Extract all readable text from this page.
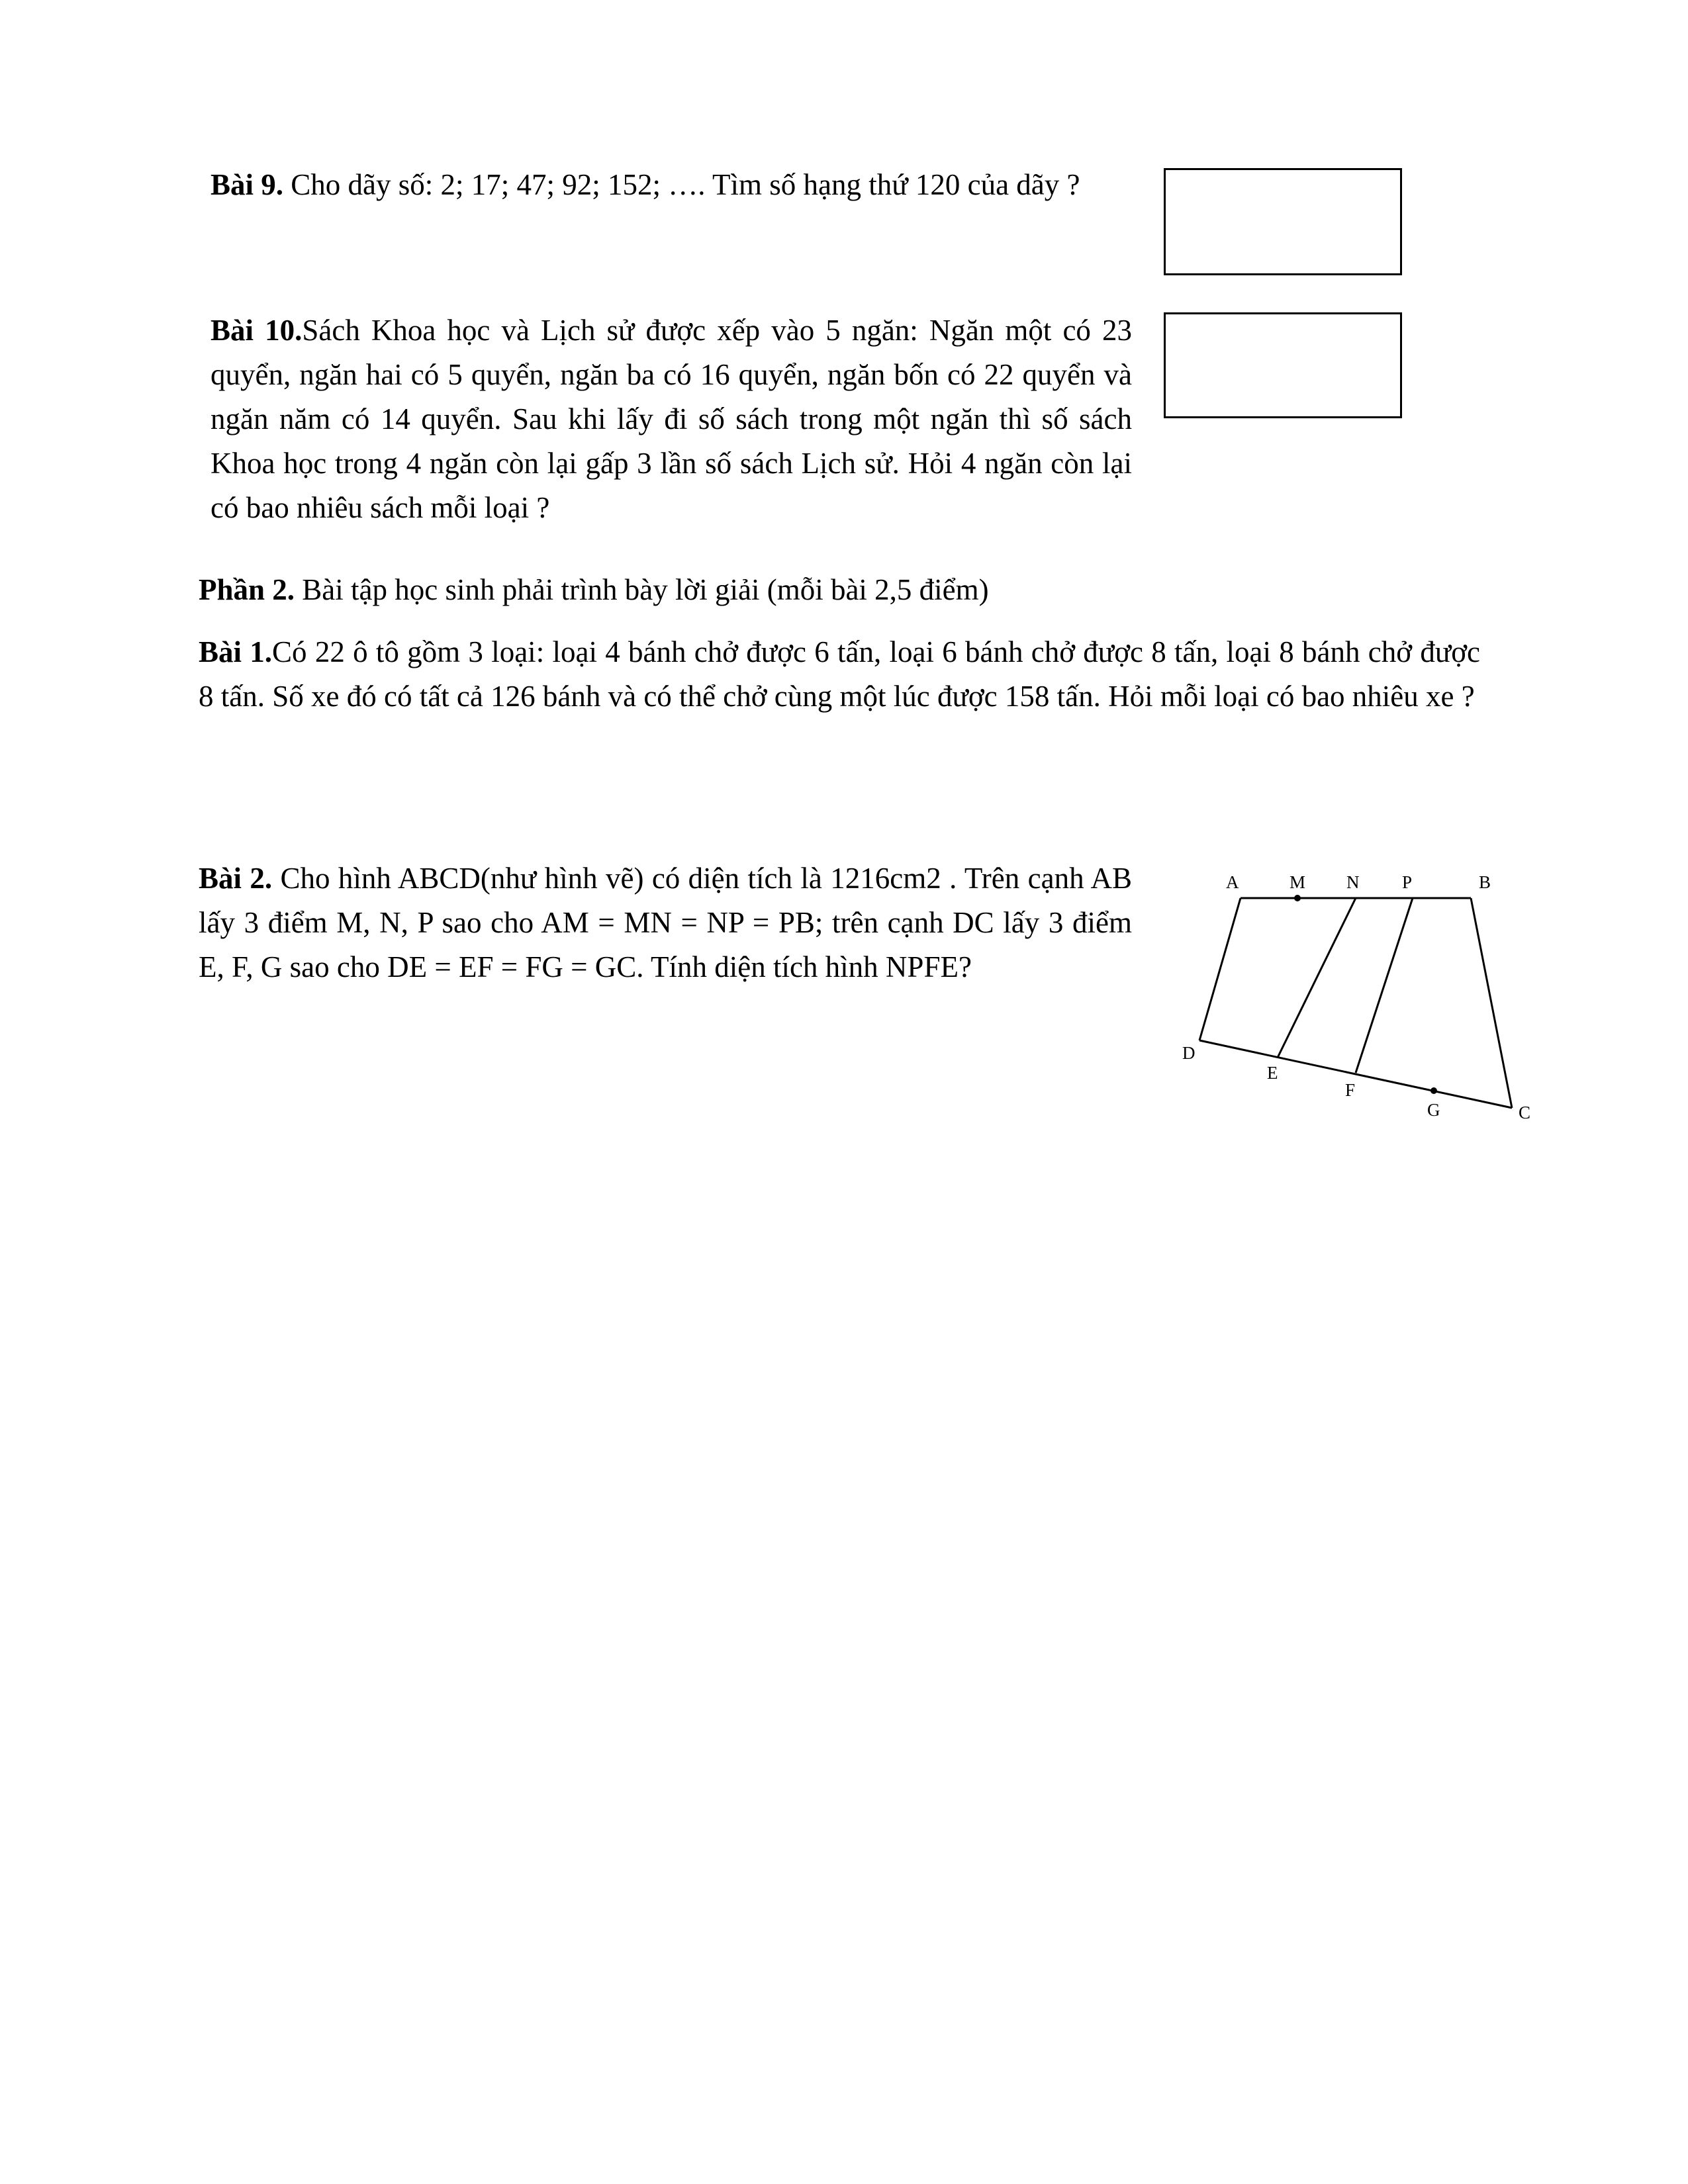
Bài 9. Cho dãy số: 2; 17; 47; 92; 152; …. Tìm số hạng thứ 120 của dãy ?

Bài 10.Sách Khoa học và Lịch sử được xếp vào 5 ngăn: Ngăn một có 23 quyển, ngăn hai có 5 quyển, ngăn ba có 16 quyển, ngăn bốn có 22 quyển và ngăn năm có 14 quyển. Sau khi lấy đi số sách trong một ngăn thì số sách Khoa học trong 4 ngăn còn lại gấp 3 lần số sách Lịch sử. Hỏi 4 ngăn còn lại có bao nhiêu sách mỗi loại ?

Phần 2. Bài tập học sinh phải trình bày lời giải (mỗi bài 2,5 điểm)

Bài 1.Có 22 ô tô gồm 3 loại: loại 4 bánh chở được 6 tấn, loại 6 bánh chở được 8 tấn, loại 8 bánh chở được 8 tấn. Số xe đó có tất cả 126 bánh và có thể chở cùng một lúc được 158 tấn. Hỏi mỗi loại có bao nhiêu xe ?

Bài 2. Cho hình ABCD(như hình vẽ) có diện tích là 1216cm2 . Trên cạnh AB lấy 3 điểm M, N, P sao cho AM = MN = NP = PB; trên cạnh DC lấy 3 điểm E, F, G sao cho DE = EF = FG = GC. Tính diện tích hình NPFE?

A	M N P	B
D
E
F
G	C
